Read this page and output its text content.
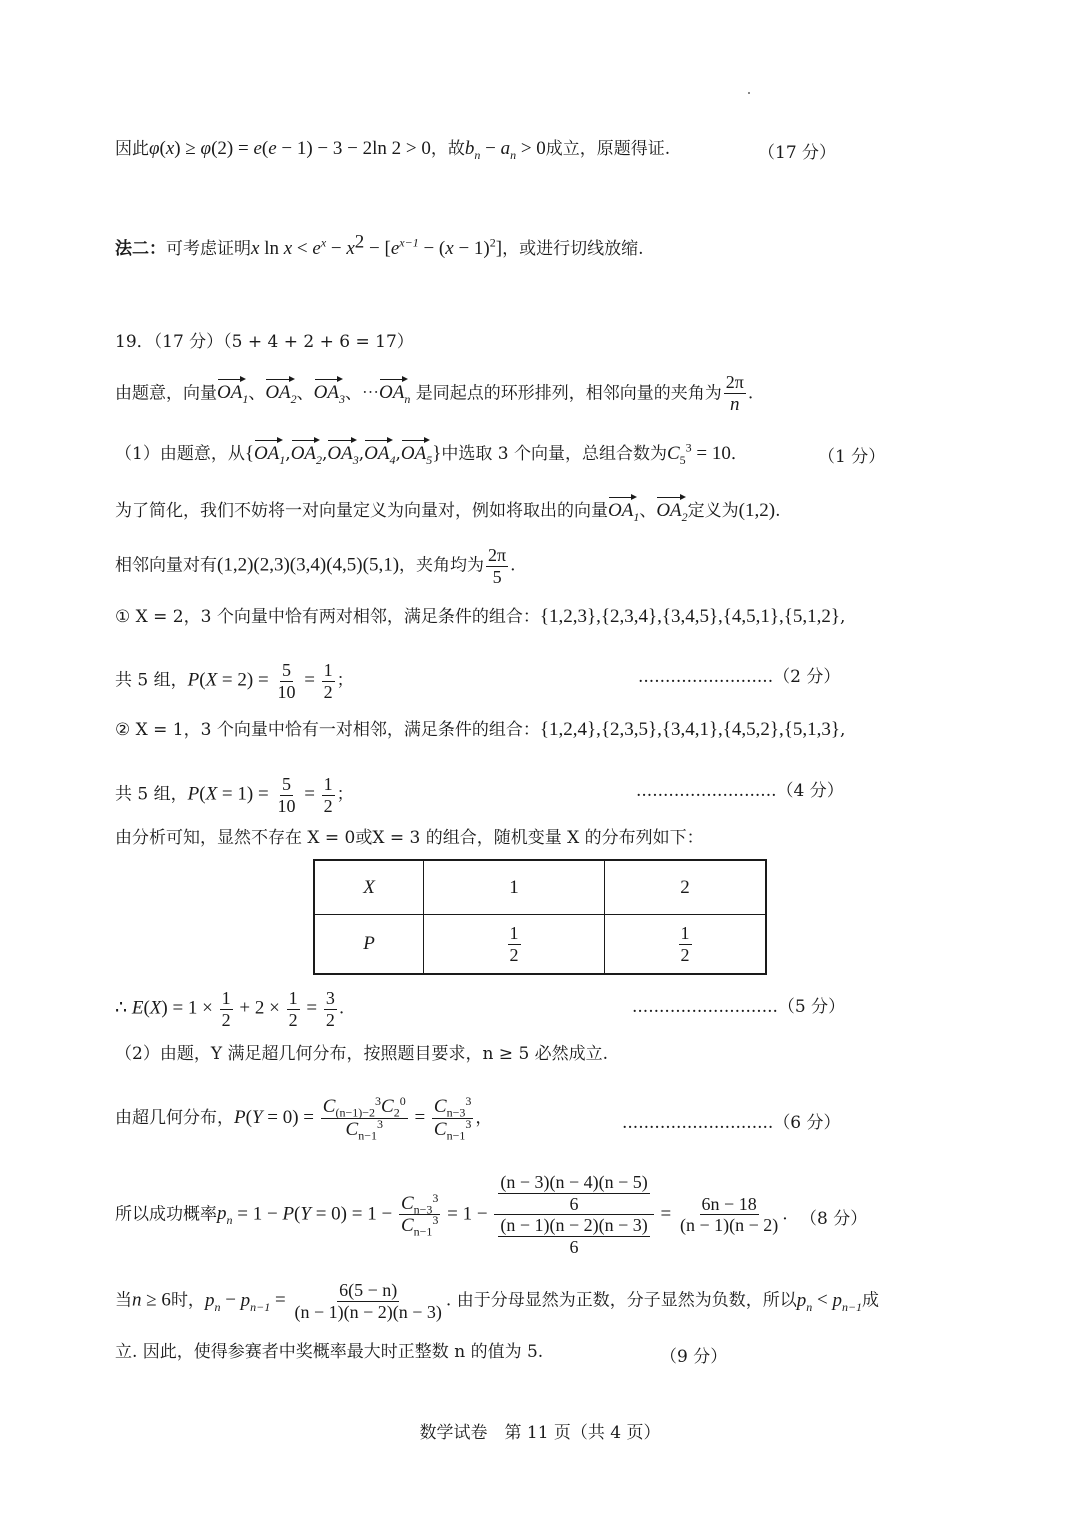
因此φ(x) ≥ φ(2) = e(e − 1) − 3 − 2ln 2 > 0，故$b_n - a_n > 0$成立，原题得证.	（17 分）
法二：可考虑证明x $\ln x < e^x - x^2 - [e^{x-1} - (x - 1)^2]$，或进行切线放缩.
19．（17 分）（5 + 4 + 2 + 6 = 17）
由题意，向量$OA_1$、$OA_2$、$OA_3$、$\cdots OA_n$ 是同起点的环形排列，相邻向量的夹角为 $\frac{2\pi}{n}$ .
（1）由题意，从$\{OA_1,OA_2,OA_3,OA_4,OA_5\}$中选取 3 个向量，总组合数为$C_5^3 = 10$．	（1 分）
为了简化，我们不妨将一对向量定义为向量对，例如将取出的向量$OA_1$、$OA_2$定义为(1,2).
相邻向量对有(1,2)(2,3)(3,4)(4,5)(5,1)，夹角均为 $\frac{2\pi}{5}$ .
① X = 2，3 个向量中恰有两对相邻，满足条件的组合：{1,2,3},{2,3,4},{3,4,5},{4,5,1},{5,1,2},
共 5 组，$P(X = 2) = \frac{5}{10} = \frac{1}{2}$ ；	.........................（2 分）
② X = 1，3 个向量中恰有一对相邻，满足条件的组合：{1,2,4},{2,3,5},{3,4,1},{4,5,2},{5,1,3},
共 5 组，$P(X = 1) = \frac{5}{10} = \frac{1}{2}$ ；	..........................（4 分）
由分析可知，显然不存在 X = 0或X = 3 的组合，随机变量 X 的分布列如下：
X	1	2
P	$\frac{1}{2}$	$\frac{1}{2}$
∴ $E(X) = 1 \times \frac{1}{2} + 2 \times \frac{1}{2} = \frac{3}{2}$ .	...........................（5 分）
（2）由题，Y 满足超几何分布，按照题目要求，n ≥ 5 必然成立.
由超几何分布，$P(Y = 0) = \frac{C_{(n-1)-2}^3C_2^0}{C_{n-1}^3} = \frac{C_{n-3}^3}{C_{n-1}^3}$ ，	............................（6 分）
所以成功概率$p_n = 1 - P(Y = 0) = 1 - \frac{C_{n-3}^3}{C_{n-1}^3} = 1 - \frac{\frac{(n - 3)(n - 4)(n - 5)}{6}}{\frac{(n - 1)(n - 2)(n - 3)}{6}} = \frac{6n - 18}{(n - 1)(n - 2)}$ . （8 分）
当n ≥ 6时，$p_n - p_{n-1} = \frac{6(5 - n)}{(n - 1)(n - 2)(n - 3)}$ . 由于分母显然为正数，分子显然为负数，所以$p_n < p_{n-1}$成
立. 因此，使得参赛者中奖概率最大时正整数 n 的值为 5.	（9 分）
数学试卷　第 11 页（共 4 页）
